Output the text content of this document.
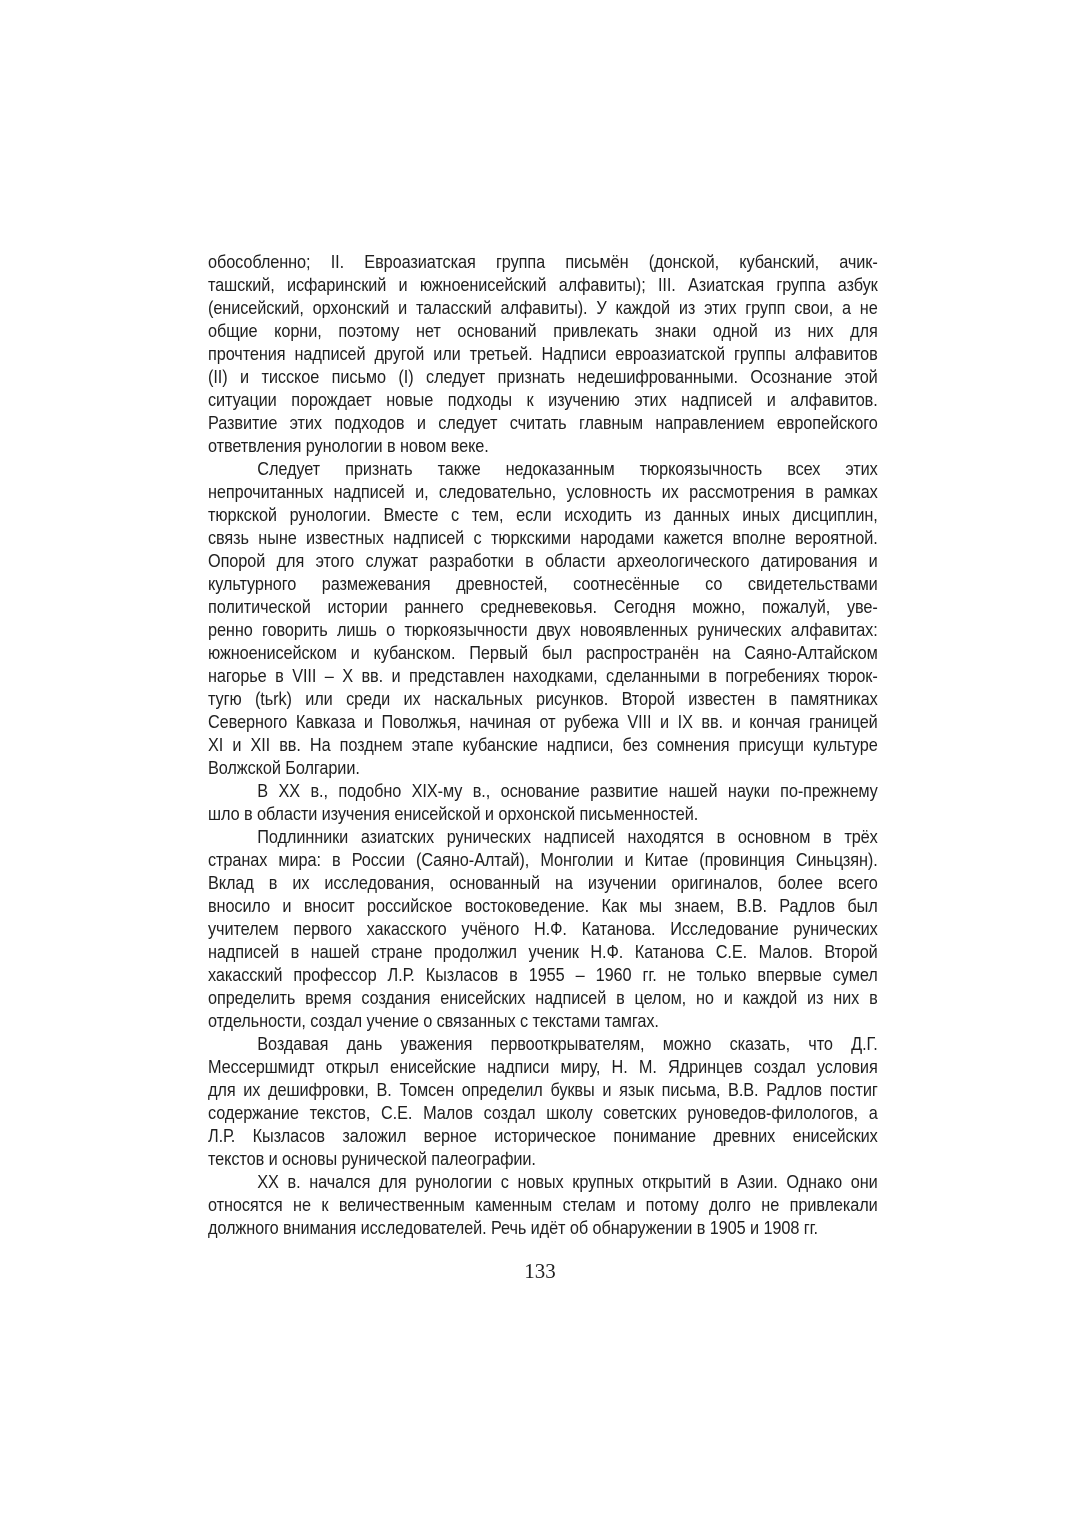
обособленно; II. Евроазиатская группа письмён (донской, кубанский, ачик-
ташский, исфаринский и южноенисейский алфавиты); III. Азиатская группа азбук
(енисейский, орхонский и таласский алфавиты). У каждой из этих групп свои, а не
общие корни, поэтому нет оснований привлекать знаки одной из них для
прочтения надписей другой или третьей. Надписи евроазиатской группы алфавитов
(II) и тисское письмо (I) следует признать недешифрованными. Осознание этой
ситуации порождает новые подходы к изучению этих надписей и алфавитов.
Развитие этих подходов и следует считать главным направлением европейского
ответвления рунологии в новом веке.
Следует признать также недоказанным тюркоязычность всех этих
непрочитанных надписей и, следовательно, условность их рассмотрения в рамках
тюркской рунологии. Вместе с тем, если исходить из данных иных дисциплин,
связь ныне известных надписей с тюркскими народами кажется вполне вероятной.
Опорой для этого служат разработки в области археологического датирования и
культурного размежевания древностей, соотнесённые со свидетельствами
политической истории раннего средневековья. Сегодня можно, пожалуй, уве-
ренно говорить лишь о тюркоязычности двух новоявленных рунических алфавитах:
южноенисейском и кубанском. Первый был распространён на Саяно-Алтайском
нагорье в VIII – X вв. и представлен находками, сделанными в погребениях тюрок-
тугю (tьrk) или среди их наскальных рисунков. Второй известен в памятниках
Северного Кавказа и Поволжья, начиная от рубежа VIII и IX вв. и кончая границей
XI и XII вв. На позднем этапе кубанские надписи, без сомнения присущи культуре
Волжской Болгарии.
В XX в., подобно XIX-му в., основание развитие нашей науки по-прежнему
шло в области изучения енисейской и орхонской письменностей.
Подлинники азиатских рунических надписей находятся в основном в трёх
странах мира: в России (Саяно-Алтай), Монголии и Китае (провинция Синьцзян).
Вклад в их исследования, основанный на изучении оригиналов, более всего
вносило и вносит российское востоковедение. Как мы знаем, В.В. Радлов был
учителем первого хакасского учёного Н.Ф. Катанова. Исследование рунических
надписей в нашей стране продолжил ученик Н.Ф. Катанова С.Е. Малов. Второй
хакасский профессор Л.Р. Кызласов в 1955 – 1960 гг. не только впервые сумел
определить время создания енисейских надписей в целом, но и каждой из них в
отдельности, создал учение о связанных с текстами тамгах.
Воздавая дань уважения первооткрывателям, можно сказать, что Д.Г.
Мессершмидт открыл енисейские надписи миру, Н. М. Ядринцев создал условия
для их дешифровки, В. Томсен определил буквы и язык письма, В.В. Радлов постиг
содержание текстов, С.Е. Малов создал школу советских руноведов-филологов, а
Л.Р. Кызласов заложил верное историческое понимание древних енисейских
текстов и основы рунической палеографии.
XX в. начался для рунологии с новых крупных открытий в Азии. Однако они
относятся не к величественным каменным стелам и потому долго не привлекали
должного внимания исследователей. Речь идёт об обнаружении в 1905 и 1908 гг.
133
